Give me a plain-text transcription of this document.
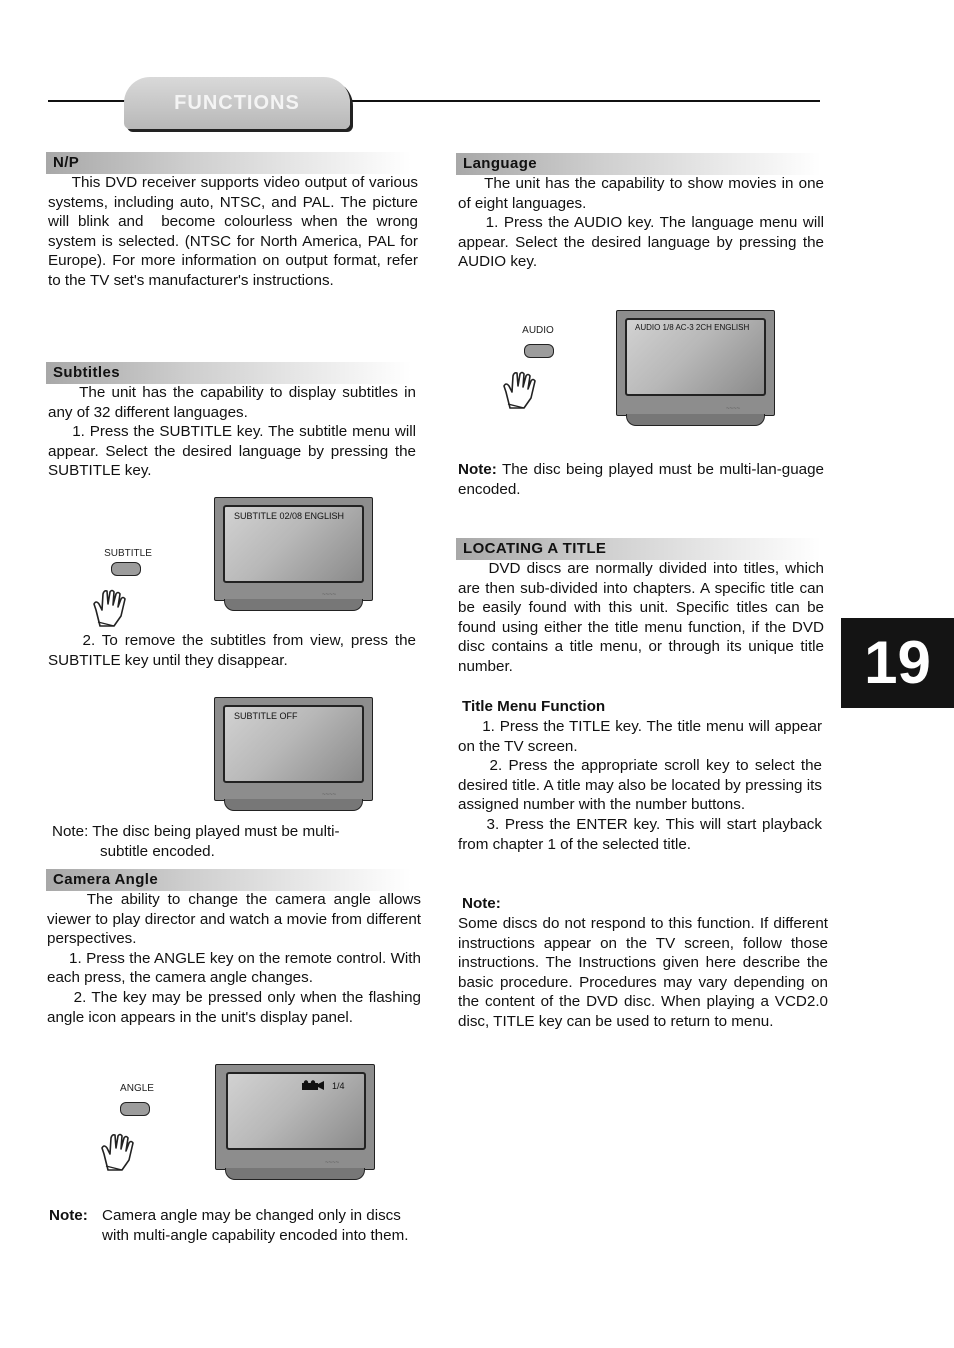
FUNCTIONS
N/P

This DVD receiver supports video output of various systems, including auto, NTSC, and PAL. The picture will blink and  become colourless when the wrong system is selected. (NTSC for North America, PAL for Europe). For more information on output format, refer to the TV set's manufacturer's instructions.

Subtitles

The unit has the capability to display subtitles in any of 32 different languages.
1. Press the SUBTITLE key. The subtitle menu will appear. Select the desired language by pressing the SUBTITLE key.

SUBTITLE
SUBTITLE 02/08 ENGLISH
~~~~

2. To remove the subtitles from view, press the SUBTITLE key until they disappear.

SUBTITLE OFF
~~~~

Note: The disc being played must be multi-

subtitle encoded.

Camera Angle

The ability to change the camera angle allows viewer to play director and watch a movie from different perspectives.
1. Press the ANGLE key on the remote control. With each press, the camera angle changes.
2. The key may be pressed only when the flashing angle icon appears in the unit's display panel.

ANGLE	1/4
~~~~

Note: Camera angle may be changed only in discs with multi-angle capability encoded into them.

Language

The unit has the capability to show movies in one of eight languages.
1. Press the AUDIO key. The language menu will appear. Select the desired language by pressing the AUDIO key.

AUDIO	AUDIO 1/8 AC-3 2CH ENGLISH
~~~~

Note: The disc being played must be multi-lan-guage encoded.

LOCATING A TITLE

DVD discs are normally divided into titles, which are then sub-divided into chapters. A specific title can be easily found with this unit. Specific titles can be found using either the title menu function, if the DVD disc contains a title menu, or through its unique title number.

Title Menu Function

1. Press the TITLE key. The title menu will appear on the TV screen.
2. Press the appropriate scroll key to select the desired title. A title may also be located by pressing its assigned number with the number buttons.
3. Press the ENTER key. This will start playback from chapter 1 of the selected title.

Note:

Some discs do not respond to this function. If different instructions appear on the TV screen, follow those instructions. The Instructions given here describe the basic procedure. Procedures may vary depending on the content of the DVD disc. When playing a VCD2.0 disc, TITLE key can be used to return to menu.

19
